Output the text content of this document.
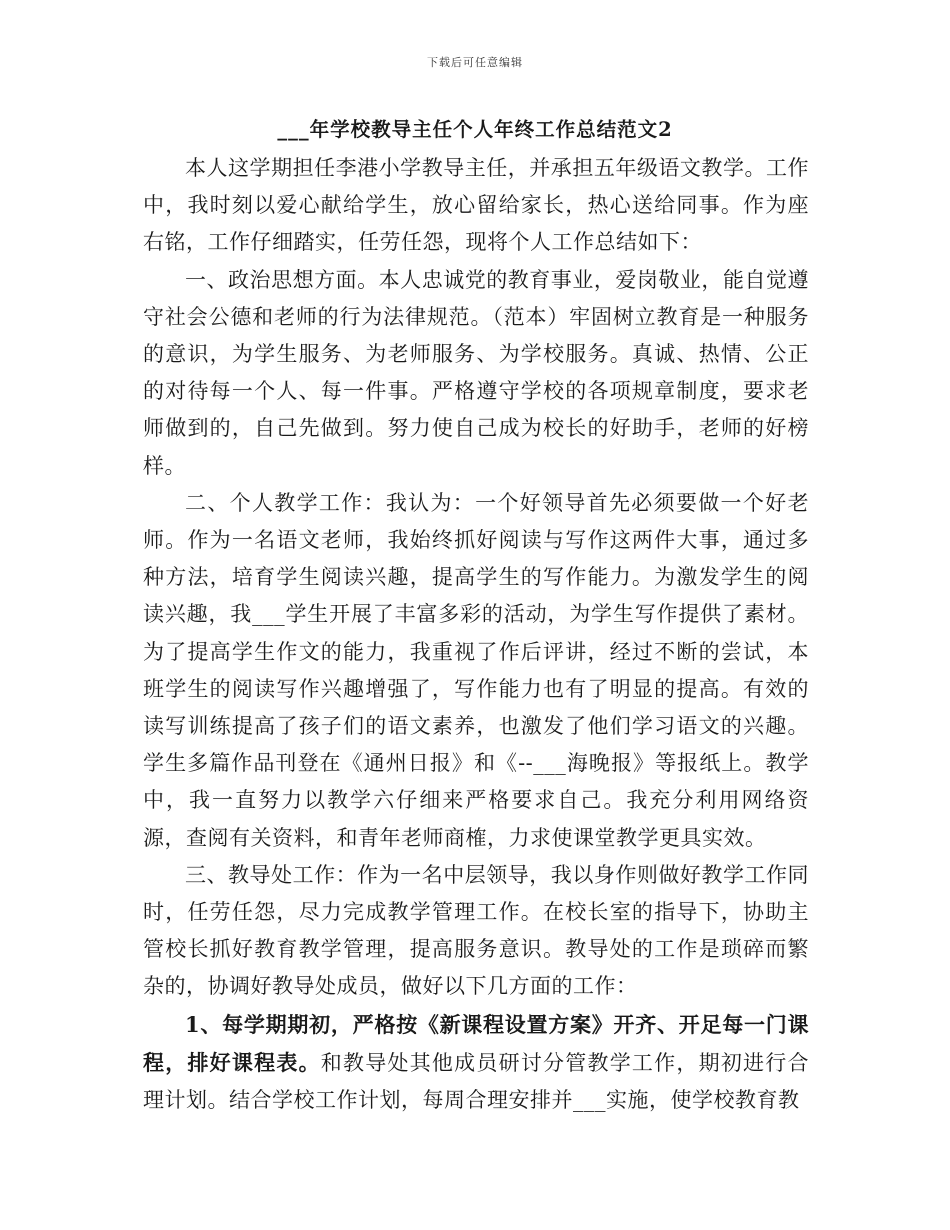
下载后可任意编辑
___年学校教导主任个人年终工作总结范文2

本人这学期担任李港小学教导主任，并承担五年级语文教学。工作中，我时刻以爱心献给学生，放心留给家长，热心送给同事。作为座右铭，工作仔细踏实，任劳任怨，现将个人工作总结如下：

一、政治思想方面。本人忠诚党的教育事业，爱岗敬业，能自觉遵守社会公德和老师的行为法律规范。（范本）牢固树立教育是一种服务的意识，为学生服务、为老师服务、为学校服务。真诚、热情、公正的对待每一个人、每一件事。严格遵守学校的各项规章制度，要求老师做到的，自己先做到。努力使自己成为校长的好助手，老师的好榜样。

二、个人教学工作：我认为：一个好领导首先必须要做一个好老师。作为一名语文老师，我始终抓好阅读与写作这两件大事，通过多种方法，培育学生阅读兴趣，提高学生的写作能力。为激发学生的阅读兴趣，我___学生开展了丰富多彩的活动，为学生写作提供了素材。为了提高学生作文的能力，我重视了作后评讲，经过不断的尝试，本班学生的阅读写作兴趣增强了，写作能力也有了明显的提高。有效的读写训练提高了孩子们的语文素养，也激发了他们学习语文的兴趣。学生多篇作品刊登在《通州日报》和《--___海晚报》等报纸上。教学中，我一直努力以教学六仔细来严格要求自己。我充分利用网络资源，查阅有关资料，和青年老师商榷，力求使课堂教学更具实效。

三、教导处工作：作为一名中层领导，我以身作则做好教学工作同时，任劳任怨，尽力完成教学管理工作。在校长室的指导下，协助主管校长抓好教育教学管理，提高服务意识。教导处的工作是琐碎而繁杂的，协调好教导处成员，做好以下几方面的工作：

1、每学期期初，严格按《新课程设置方案》开齐、开足每一门课程，排好课程表。和教导处其他成员研讨分管教学工作，期初进行合理计划。结合学校工作计划，每周合理安排并___实施，使学校教育教
